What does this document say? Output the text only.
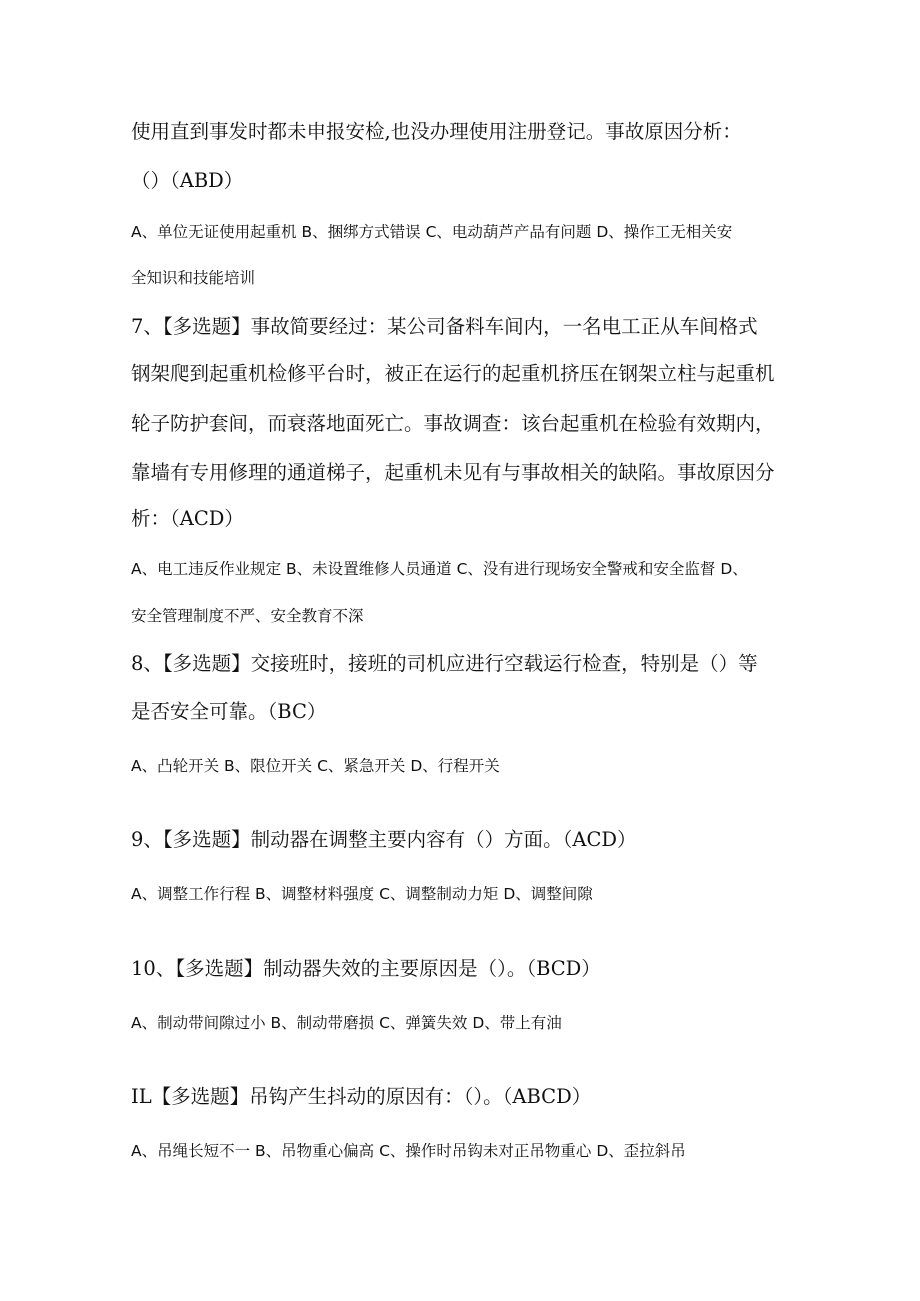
使用直到事发时都未申报安检,也没办理使用注册登记。事故原因分析：

（）（ABD）

A、单位无证使用起重机 B、捆绑方式错误 C、电动葫芦产品有问题 D、操作工无相关安

全知识和技能培训

7、【多选题】事故简要经过：某公司备料车间内，一名电工正从车间格式

钢架爬到起重机检修平台时，被正在运行的起重机挤压在钢架立柱与起重机

轮子防护套间，而衰落地面死亡。事故调查：该台起重机在检验有效期内，

靠墙有专用修理的通道梯子，起重机未见有与事故相关的缺陷。事故原因分

析：（ACD）

A、电工违反作业规定 B、未设置维修人员通道 C、没有进行现场安全警戒和安全监督 D、

安全管理制度不严、安全教育不深

8、【多选题】交接班时，接班的司机应进行空载运行检查，特别是（）等

是否安全可靠。（BC）

A、凸轮开关 B、限位开关 C、紧急开关 D、行程开关

9、【多选题】制动器在调整主要内容有（）方面。（ACD）

A、调整工作行程 B、调整材料强度 C、调整制动力矩 D、调整间隙

10、【多选题】制动器失效的主要原因是（）。（BCD）

A、制动带间隙过小 B、制动带磨损 C、弹簧失效 D、带上有油

IL【多选题】吊钩产生抖动的原因有：（）。（ABCD）

A、吊绳长短不一 B、吊物重心偏高 C、操作时吊钩未对正吊物重心 D、歪拉斜吊
